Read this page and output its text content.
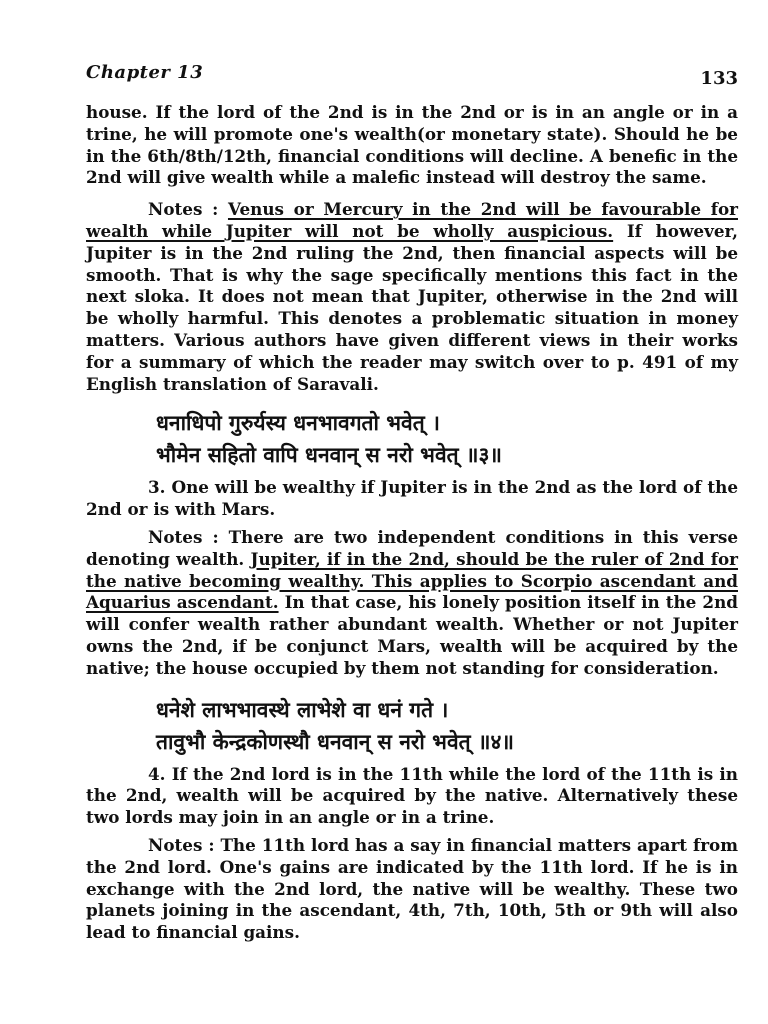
Chapter 13	133

house. If the lord of the 2nd is in the 2nd or is in an angle or in a trine, he will promote one's wealth(or monetary state). Should he be in the 6th/8th/12th, financial conditions will decline. A benefic in the 2nd will give wealth while a malefic instead will destroy the same.

Notes : Venus or Mercury in the 2nd will be favourable for wealth while Jupiter will not be wholly auspicious. If however, Jupiter is in the 2nd ruling the 2nd, then financial aspects will be smooth. That is why the sage specifically mentions this fact in the next sloka. It does not mean that Jupiter, otherwise in the 2nd will be wholly harmful. This denotes a problematic situation in money matters. Various authors have given different views in their works for a summary of which the reader may switch over to p. 491 of my English translation of Saravali.

धनाधिपो गुरुर्यस्य धनभावगतो भवेत् ।
भौमेन सहितो वापि धनवान् स नरो भवेत् ॥३॥

3. One will be wealthy if Jupiter is in the 2nd as the lord of the 2nd or is with Mars.

Notes : There are two independent conditions in this verse denoting wealth. Jupiter, if in the 2nd, should be the ruler of 2nd for the native becoming wealthy. This applies to Scorpio ascendant and Aquarius ascendant. In that case, his lonely position itself in the 2nd will confer wealth rather abundant wealth. Whether or not Jupiter owns the 2nd, if be conjunct Mars, wealth will be acquired by the native; the house occupied by them not standing for consideration.

धनेशे लाभभावस्थे लाभेशे वा धनं गते ।
तावुभौ केन्द्रकोणस्थौ धनवान् स नरो भवेत् ॥४॥

4. If the 2nd lord is in the 11th while the lord of the 11th is in the 2nd, wealth will be acquired by the native. Alternatively these two lords may join in an angle or in a trine.

Notes : The 11th lord has a say in financial matters apart from the 2nd lord. One's gains are indicated by the 11th lord. If he is in exchange with the 2nd lord, the native will be wealthy. These two planets joining in the ascendant, 4th, 7th, 10th, 5th or 9th will also lead to financial gains.
